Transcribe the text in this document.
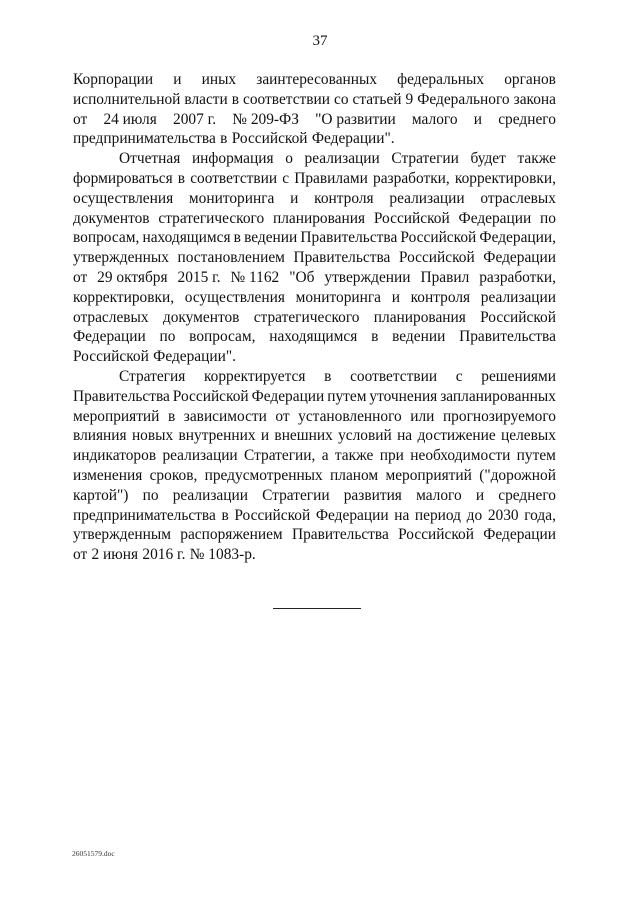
37
Корпорации и иных заинтересованных федеральных органов
исполнительной власти в соответствии со статьей 9 Федерального закона
от 24 июля 2007 г. № 209-ФЗ "О развитии малого и среднего
предпринимательства в Российской Федерации".
Отчетная информация о реализации Стратегии будет также
формироваться в соответствии с Правилами разработки, корректировки,
осуществления мониторинга и контроля реализации отраслевых
документов стратегического планирования Российской Федерации по
вопросам, находящимся в ведении Правительства Российской Федерации,
утвержденных постановлением Правительства Российской Федерации
от 29 октября 2015 г. № 1162 "Об утверждении Правил разработки,
корректировки, осуществления мониторинга и контроля реализации
отраслевых документов стратегического планирования Российской
Федерации по вопросам, находящимся в ведении Правительства
Российской Федерации".
Стратегия корректируется в соответствии с решениями
Правительства Российской Федерации путем уточнения запланированных
мероприятий в зависимости от установленного или прогнозируемого
влияния новых внутренних и внешних условий на достижение целевых
индикаторов реализации Стратегии, а также при необходимости путем
изменения сроков, предусмотренных планом мероприятий ("дорожной
картой") по реализации Стратегии развития малого и среднего
предпринимательства в Российской Федерации на период до 2030 года,
утвержденным распоряжением Правительства Российской Федерации
от 2 июня 2016 г. № 1083-р.
26051579.doc
